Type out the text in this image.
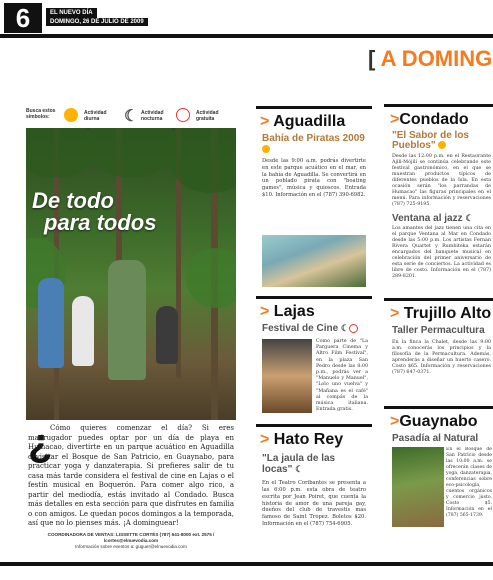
6	EL NUEVO DÍA
DOMINGO, 26 DE JULIO DE 2009
[ A DOMING
Busca estos símbolos:
Actividad diurna	☾ Actividad nocturna
Actividad gratuita
De todo
para todos
¿
Cómo quieres comenzar el día? Si eres madrugador puedes optar por un día de playa en Humacao, divertirte en un parque acuático en Aguadilla o visitar el Bosque de San Patricio, en Guaynabo, para practicar yoga y danzaterapia. Si prefieres salir de tu casa más tarde considera el festival de cine en Lajas o el festín musical en Boquerón. Para comer algo rico, a partir del mediodía, estás invitado al Condado. Busca más detalles en esta sección para que disfrutes en familia o con amigos. Le quedan pocos domingos a la temporada, así que no lo pienses más. ¡A dominguear!
COORDINADORA DE VENTAS: LISSETTE CORTÉS (787) 641-8000 ext. 2575 / lcortes@elnuevodia.com
Información sobre eventos a: guguer@elnuevodia.com
> Aguadilla
Bahía de Piratas 2009
Desde las 9:00 a.m. podrás divertirte en este parque acuático en el mar, en la bahía de Aguadilla. Se convertirá en un poblado pirata con "boating games", música y quioscos. Entrada $10. Información en el (787) 390-6982.
> Lajas
Festival de Cine ☾
Como parte de "La Parguera Cinema y Altro Film Festival", en la plaza San Pedro desde las 8:00 p.m., podrás ver a "Manuelo y Manuel", "Lolo uno vuelva" y "Mañana es el café" al compás de la música italiana. Entrada gratis.
> Hato Rey
"La jaula de las locas" ☾
En el Teatro Coribantes se presenta a las 6:00 p.m. esta obra de teatro escrita por Jean Poiret, que cuenta la historia de amor de una pareja gay, dueños del club de travestis más famoso de Saint Tropez. Boletos $20. Información en el (787) 754-6905.
>Condado
"El Sabor de los Pueblos"
Desde las 12:00 p.m. en el Restaurante Ajili-Mójili se continúa celebrando este festival gastronómico, en el que se muestran productos típicos de diferentes pueblos de la Isla. En esta ocasión serán "los parrandas de Humacao" las figuras principales en el menú. Para información y reservaciones (787) 725-9195.
Ventana al jazz ☾
Los amantes del jazz tienen una cita en el parque Ventana al Mar en Condado desde las 5:00 p.m. Los artistas Fernan Rivera Quartet y Rumbiteka estarán encargados del banquete musical en celebración del primer aniversario de esta serie de conciertos. La actividad es libre de costo. Información en el (787) 289-8201.
> Trujillo Alto
Taller Permacultura
En la finca la Chalet, desde las 9:00 a.m. conocerás los principios y la filosofía de la Permacultura. Además, aprenderás a diseñar un huerto casero. Costo $65. Información y reservaciones (787) 647-0371.
>Guaynabo
Pasadía al Natural
En el Bosque de San Patricio desde las 10:00 a.m. se ofrecerán clases de yoga, danzaterapia, conferencias sobre eco-psicología, cuentos orgánicos y comercio justo. Costo $5. Información en el (787) 565-1739.
